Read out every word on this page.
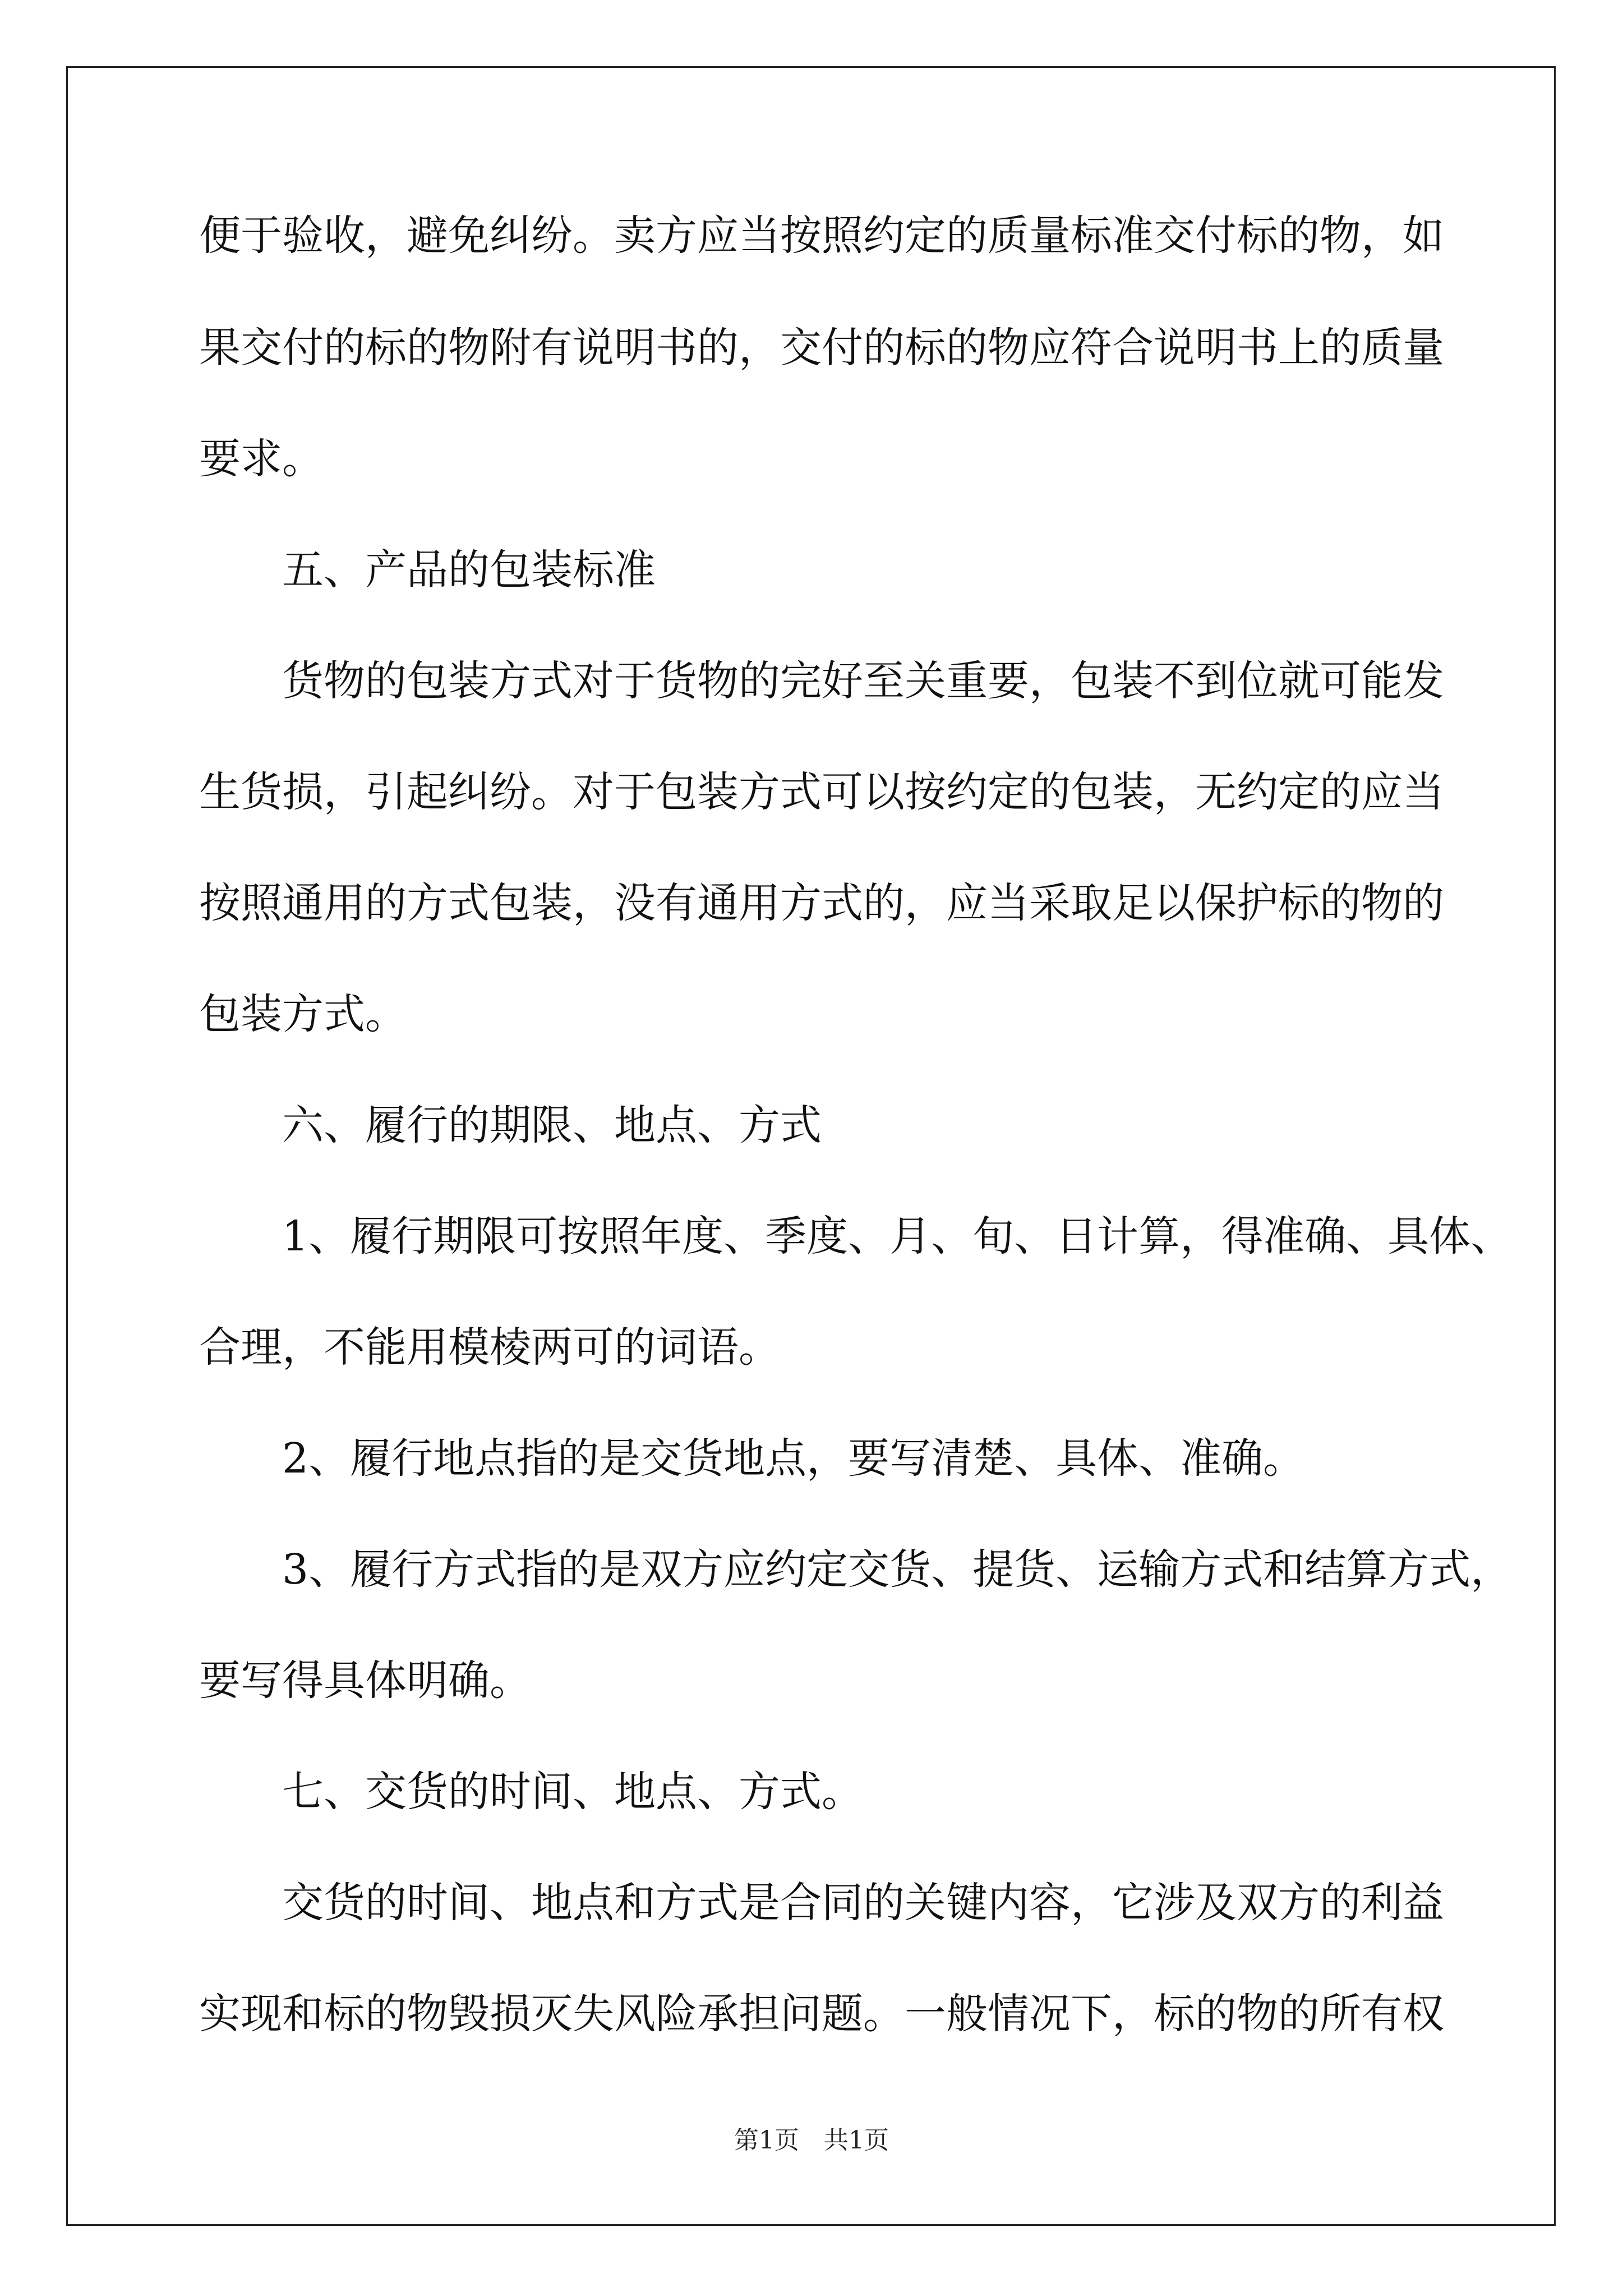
便于验收，避免纠纷。卖方应当按照约定的质量标准交付标的物，如
果交付的标的物附有说明书的，交付的标的物应符合说明书上的质量
要求。
五、产品的包装标准
货物的包装方式对于货物的完好至关重要，包装不到位就可能发
生货损，引起纠纷。对于包装方式可以按约定的包装，无约定的应当
按照通用的方式包装，没有通用方式的，应当采取足以保护标的物的
包装方式。
六、履行的期限、地点、方式
1、履行期限可按照年度、季度、月、旬、日计算，得准确、具体、
合理，不能用模棱两可的词语。
2、履行地点指的是交货地点，要写清楚、具体、准确。
3、履行方式指的是双方应约定交货、提货、运输方式和结算方式，
要写得具体明确。
七、交货的时间、地点、方式。
交货的时间、地点和方式是合同的关键内容，它涉及双方的利益
实现和标的物毁损灭失风险承担问题。一般情况下，标的物的所有权
第1页　共1页
